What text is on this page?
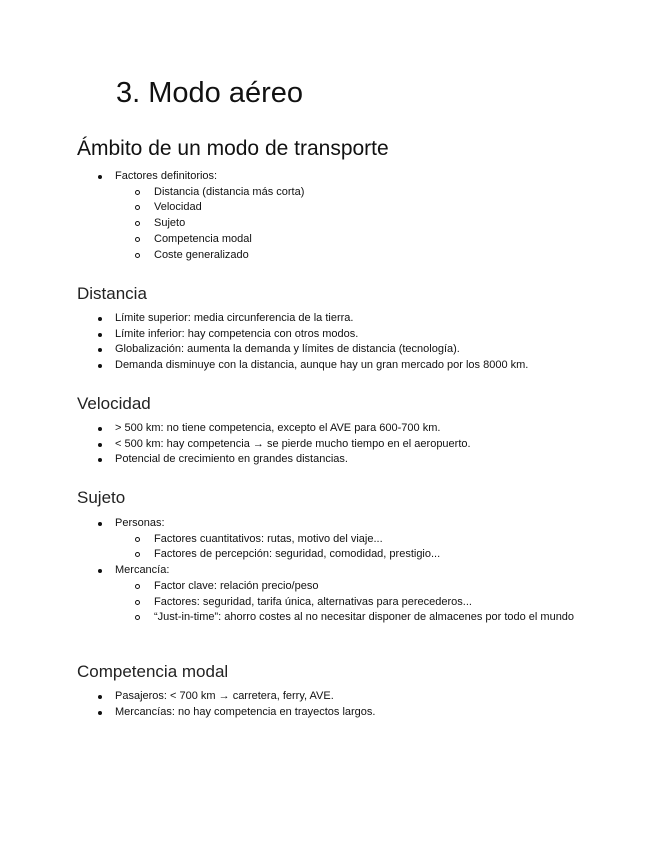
3. Modo aéreo
Ámbito de un modo de transporte
Factores definitorios:
Distancia (distancia más corta)
Velocidad
Sujeto
Competencia modal
Coste generalizado
Distancia
Límite superior: media circunferencia de la tierra.
Límite inferior: hay competencia con otros modos.
Globalización: aumenta la demanda y límites de distancia (tecnología).
Demanda disminuye con la distancia, aunque hay un gran mercado por los 8000 km.
Velocidad
> 500 km: no tiene competencia, excepto el AVE para 600-700 km.
< 500 km: hay competencia → se pierde mucho tiempo en el aeropuerto.
Potencial de crecimiento en grandes distancias.
Sujeto
Personas:
Factores cuantitativos: rutas, motivo del viaje...
Factores de percepción: seguridad, comodidad, prestigio...
Mercancía:
Factor clave: relación precio/peso
Factores: seguridad, tarifa única, alternativas para perecederos...
“Just-in-time”: ahorro costes al no necesitar disponer de almacenes por todo el mundo
Competencia modal
Pasajeros: < 700 km → carretera, ferry, AVE.
Mercancías: no hay competencia en trayectos largos.
